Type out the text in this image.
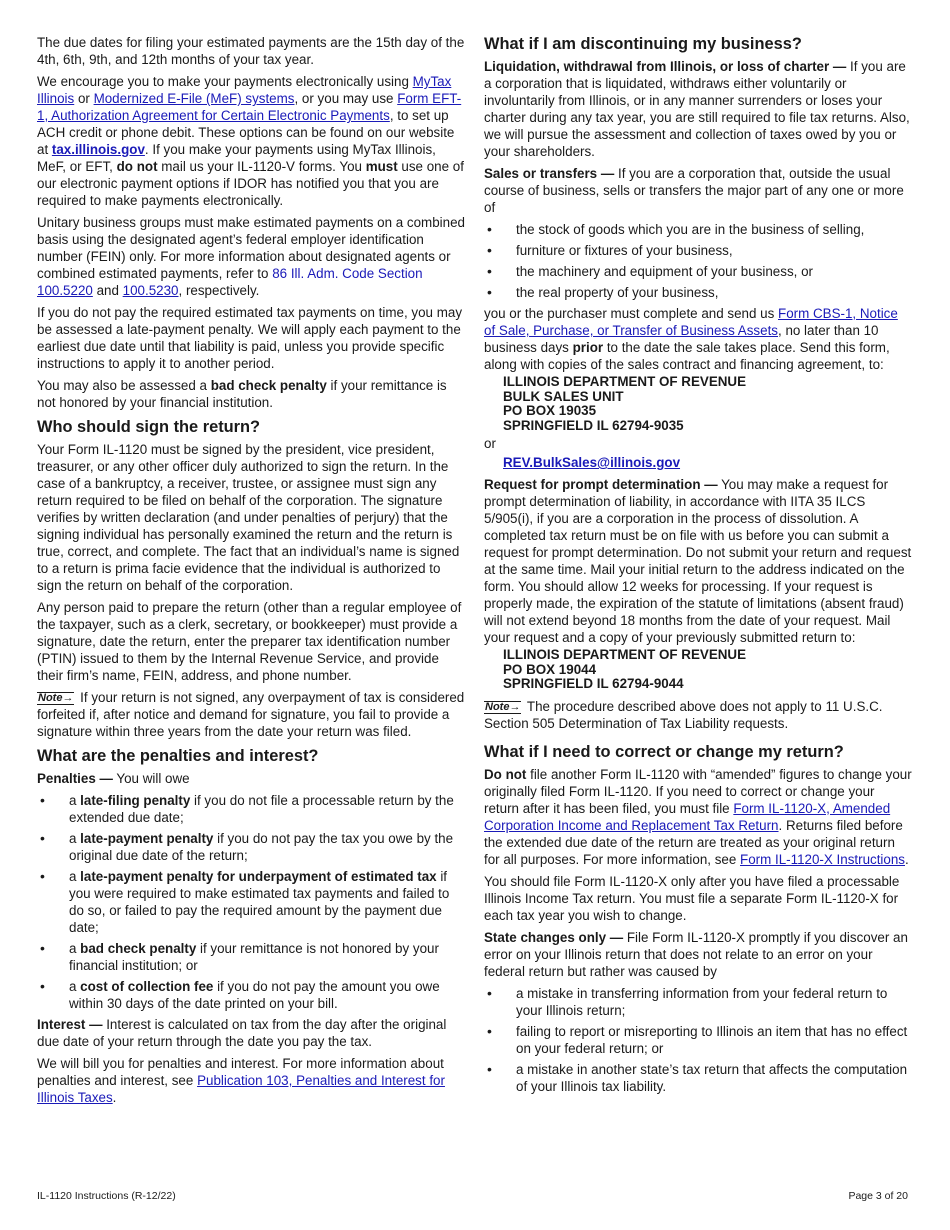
The due dates for filing your estimated payments are the 15th day of the 4th, 6th, 9th, and 12th months of your tax year.

We encourage you to make your payments electronically using MyTax Illinois or Modernized E-File (MeF) systems, or you may use Form EFT-1, Authorization Agreement for Certain Electronic Payments, to set up ACH credit or phone debit. These options can be found on our website at tax.illinois.gov. If you make your payments using MyTax Illinois, MeF, or EFT, do not mail us your IL-1120-V forms. You must use one of our electronic payment options if IDOR has notified you that you are required to make payments electronically.

Unitary business groups must make estimated payments on a combined basis using the designated agent’s federal employer identification number (FEIN) only. For more information about designated agents or combined estimated payments, refer to 86 Ill. Adm. Code Section 100.5220 and 100.5230, respectively.

If you do not pay the required estimated tax payments on time, you may be assessed a late-payment penalty. We will apply each payment to the earliest due date until that liability is paid, unless you provide specific instructions to apply it to another period.

You may also be assessed a bad check penalty if your remittance is not honored by your financial institution.

Who should sign the return?

Your Form IL-1120 must be signed by the president, vice president, treasurer, or any other officer duly authorized to sign the return. In the case of a bankruptcy, a receiver, trustee, or assignee must sign any return required to be filed on behalf of the corporation. The signature verifies by written declaration (and under penalties of perjury) that the signing individual has personally examined the return and the return is true, correct, and complete. The fact that an individual’s name is signed to a return is prima facie evidence that the individual is authorized to sign the return on behalf of the corporation.

Any person paid to prepare the return (other than a regular employee of the taxpayer, such as a clerk, secretary, or bookkeeper) must provide a signature, date the return, enter the preparer tax identification number (PTIN) issued to them by the Internal Revenue Service, and provide their firm’s name, FEIN, address, and phone number.

Note→ If your return is not signed, any overpayment of tax is considered forfeited if, after notice and demand for signature, you fail to provide a signature within three years from the date your return was filed.

What are the penalties and interest?

Penalties — You will owe

• a late-filing penalty if you do not file a processable return by the extended due date;
• a late-payment penalty if you do not pay the tax you owe by the original due date of the return;
• a late-payment penalty for underpayment of estimated tax if you were required to make estimated tax payments and failed to do so, or failed to pay the required amount by the payment due date;
• a bad check penalty if your remittance is not honored by your financial institution; or
• a cost of collection fee if you do not pay the amount you owe within 30 days of the date printed on your bill.

Interest — Interest is calculated on tax from the day after the original due date of your return through the date you pay the tax.

We will bill you for penalties and interest. For more information about penalties and interest, see Publication 103, Penalties and Interest for Illinois Taxes.

What if I am discontinuing my business?

Liquidation, withdrawal from Illinois, or loss of charter — If you are a corporation that is liquidated, withdraws either voluntarily or involuntarily from Illinois, or in any manner surrenders or loses your charter during any tax year, you are still required to file tax returns. Also, we will pursue the assessment and collection of taxes owed by you or your shareholders.

Sales or transfers — If you are a corporation that, outside the usual course of business, sells or transfers the major part of any one or more of

• the stock of goods which you are in the business of selling,
• furniture or fixtures of your business,
• the machinery and equipment of your business, or
• the real property of your business,

you or the purchaser must complete and send us Form CBS-1, Notice of Sale, Purchase, or Transfer of Business Assets, no later than 10 business days prior to the date the sale takes place. Send this form, along with copies of the sales contract and financing agreement, to:

ILLINOIS DEPARTMENT OF REVENUE
BULK SALES UNIT
PO BOX 19035
SPRINGFIELD IL 62794-9035
or
REV.BulkSales@illinois.gov

Request for prompt determination — You may make a request for prompt determination of liability, in accordance with IITA 35 ILCS 5/905(i), if you are a corporation in the process of dissolution. A completed tax return must be on file with us before you can submit a request for prompt determination. Do not submit your return and request at the same time. Mail your initial return to the address indicated on the form. You should allow 12 weeks for processing. If your request is properly made, the expiration of the statute of limitations (absent fraud) will not extend beyond 18 months from the date of your request. Mail your request and a copy of your previously submitted return to:

ILLINOIS DEPARTMENT OF REVENUE
PO BOX 19044
SPRINGFIELD IL 62794-9044

Note→ The procedure described above does not apply to 11 U.S.C. Section 505 Determination of Tax Liability requests.

What if I need to correct or change my return?

Do not file another Form IL-1120 with “amended” figures to change your originally filed Form IL-1120. If you need to correct or change your return after it has been filed, you must file Form IL-1120-X, Amended Corporation Income and Replacement Tax Return. Returns filed before the extended due date of the return are treated as your original return for all purposes. For more information, see Form IL-1120-X Instructions.

You should file Form IL-1120-X only after you have filed a processable Illinois Income Tax return. You must file a separate Form IL-1120-X for each tax year you wish to change.

State changes only — File Form IL-1120-X promptly if you discover an error on your Illinois return that does not relate to an error on your federal return but rather was caused by

• a mistake in transferring information from your federal return to your Illinois return;
• failing to report or misreporting to Illinois an item that has no effect on your federal return; or
• a mistake in another state’s tax return that affects the computation of your Illinois tax liability.
IL-1120 Instructions (R-12/22)	Page 3 of 20
